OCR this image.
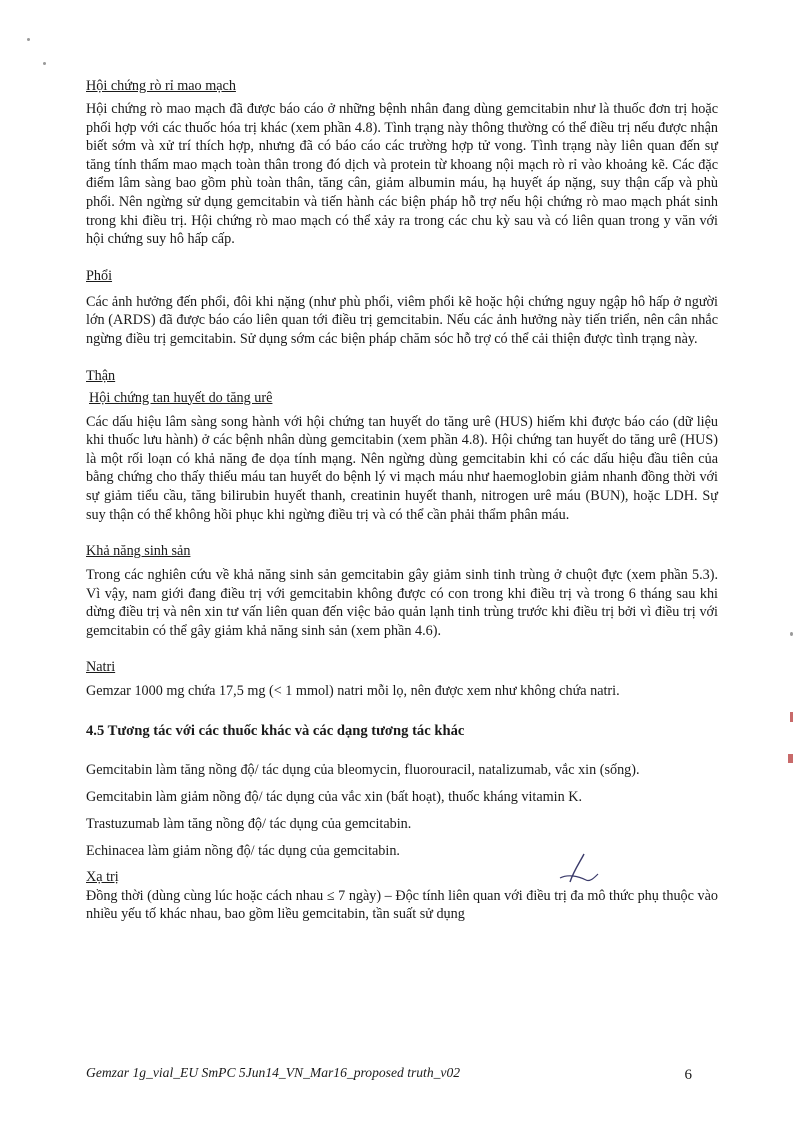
Hội chứng rò rỉ mao mạch

Hội chứng rò mao mạch đã được báo cáo ở những bệnh nhân đang dùng gemcitabin như là thuốc đơn trị hoặc phối hợp với các thuốc hóa trị khác (xem phần 4.8). Tình trạng này thông thường có thể điều trị nếu được nhận biết sớm và xử trí thích hợp, nhưng đã có báo cáo các trường hợp tử vong. Tình trạng này liên quan đến sự tăng tính thấm mao mạch toàn thân trong đó dịch và protein từ khoang nội mạch rò rỉ vào khoảng kẽ. Các đặc điểm lâm sàng bao gồm phù toàn thân, tăng cân, giảm albumin máu, hạ huyết áp nặng, suy thận cấp và phù phổi. Nên ngừng sử dụng gemcitabin và tiến hành các biện pháp hỗ trợ nếu hội chứng rò mao mạch phát sinh trong khi điều trị. Hội chứng rò mao mạch có thể xảy ra trong các chu kỳ sau và có liên quan trong y văn với hội chứng suy hô hấp cấp.

Phổi

Các ảnh hưởng đến phổi, đôi khi nặng (như phù phổi, viêm phổi kẽ hoặc hội chứng nguy ngập hô hấp ở người lớn (ARDS) đã được báo cáo liên quan tới điều trị gemcitabin. Nếu các ảnh hưởng này tiến triển, nên cân nhắc ngừng điều trị gemcitabin. Sử dụng sớm các biện pháp chăm sóc hỗ trợ có thể cải thiện được tình trạng này.

Thận

Hội chứng tan huyết do tăng urê

Các dấu hiệu lâm sàng song hành với hội chứng tan huyết do tăng urê (HUS) hiếm khi được báo cáo (dữ liệu khi thuốc lưu hành) ở các bệnh nhân dùng gemcitabin (xem phần 4.8). Hội chứng tan huyết do tăng urê (HUS) là một rối loạn có khả năng đe dọa tính mạng. Nên ngừng dùng gemcitabin khi có các dấu hiệu đầu tiên của bằng chứng cho thấy thiếu máu tan huyết do bệnh lý vi mạch máu như haemoglobin giảm nhanh đồng thời với sự giảm tiểu cầu, tăng bilirubin huyết thanh, creatinin huyết thanh, nitrogen urê máu (BUN), hoặc LDH. Sự suy thận có thể không hồi phục khi ngừng điều trị và có thể cần phải thẩm phân máu.

Khả năng sinh sản

Trong các nghiên cứu về khả năng sinh sản gemcitabin gây giảm sinh tinh trùng ở chuột đực (xem phần 5.3). Vì vậy, nam giới đang điều trị với gemcitabin không được có con trong khi điều trị và trong 6 tháng sau khi dừng điều trị và nên xin tư vấn liên quan đến việc bảo quản lạnh tinh trùng trước khi điều trị bởi vì điều trị với gemcitabin có thể gây giảm khả năng sinh sản (xem phần 4.6).

Natri

Gemzar 1000 mg chứa 17,5 mg (< 1 mmol) natri mỗi lọ, nên được xem như không chứa natri.

4.5 Tương tác với các thuốc khác và các dạng tương tác khác

Gemcitabin làm tăng nồng độ/ tác dụng của bleomycin, fluorouracil, natalizumab, vắc xin (sống).

Gemcitabin làm giảm nồng độ/ tác dụng của vắc xin (bất hoạt), thuốc kháng vitamin K.

Trastuzumab làm tăng nồng độ/ tác dụng của gemcitabin.

Echinacea làm giảm nồng độ/ tác dụng của gemcitabin.

Xạ trị

Đồng thời (dùng cùng lúc hoặc cách nhau ≤ 7 ngày) – Độc tính liên quan với điều trị đa mô thức phụ thuộc vào nhiều yếu tố khác nhau, bao gồm liều gemcitabin, tần suất sử dụng

Gemzar 1g_vial_EU SmPC 5Jun14_VN_Mar16_proposed truth_v02	6
